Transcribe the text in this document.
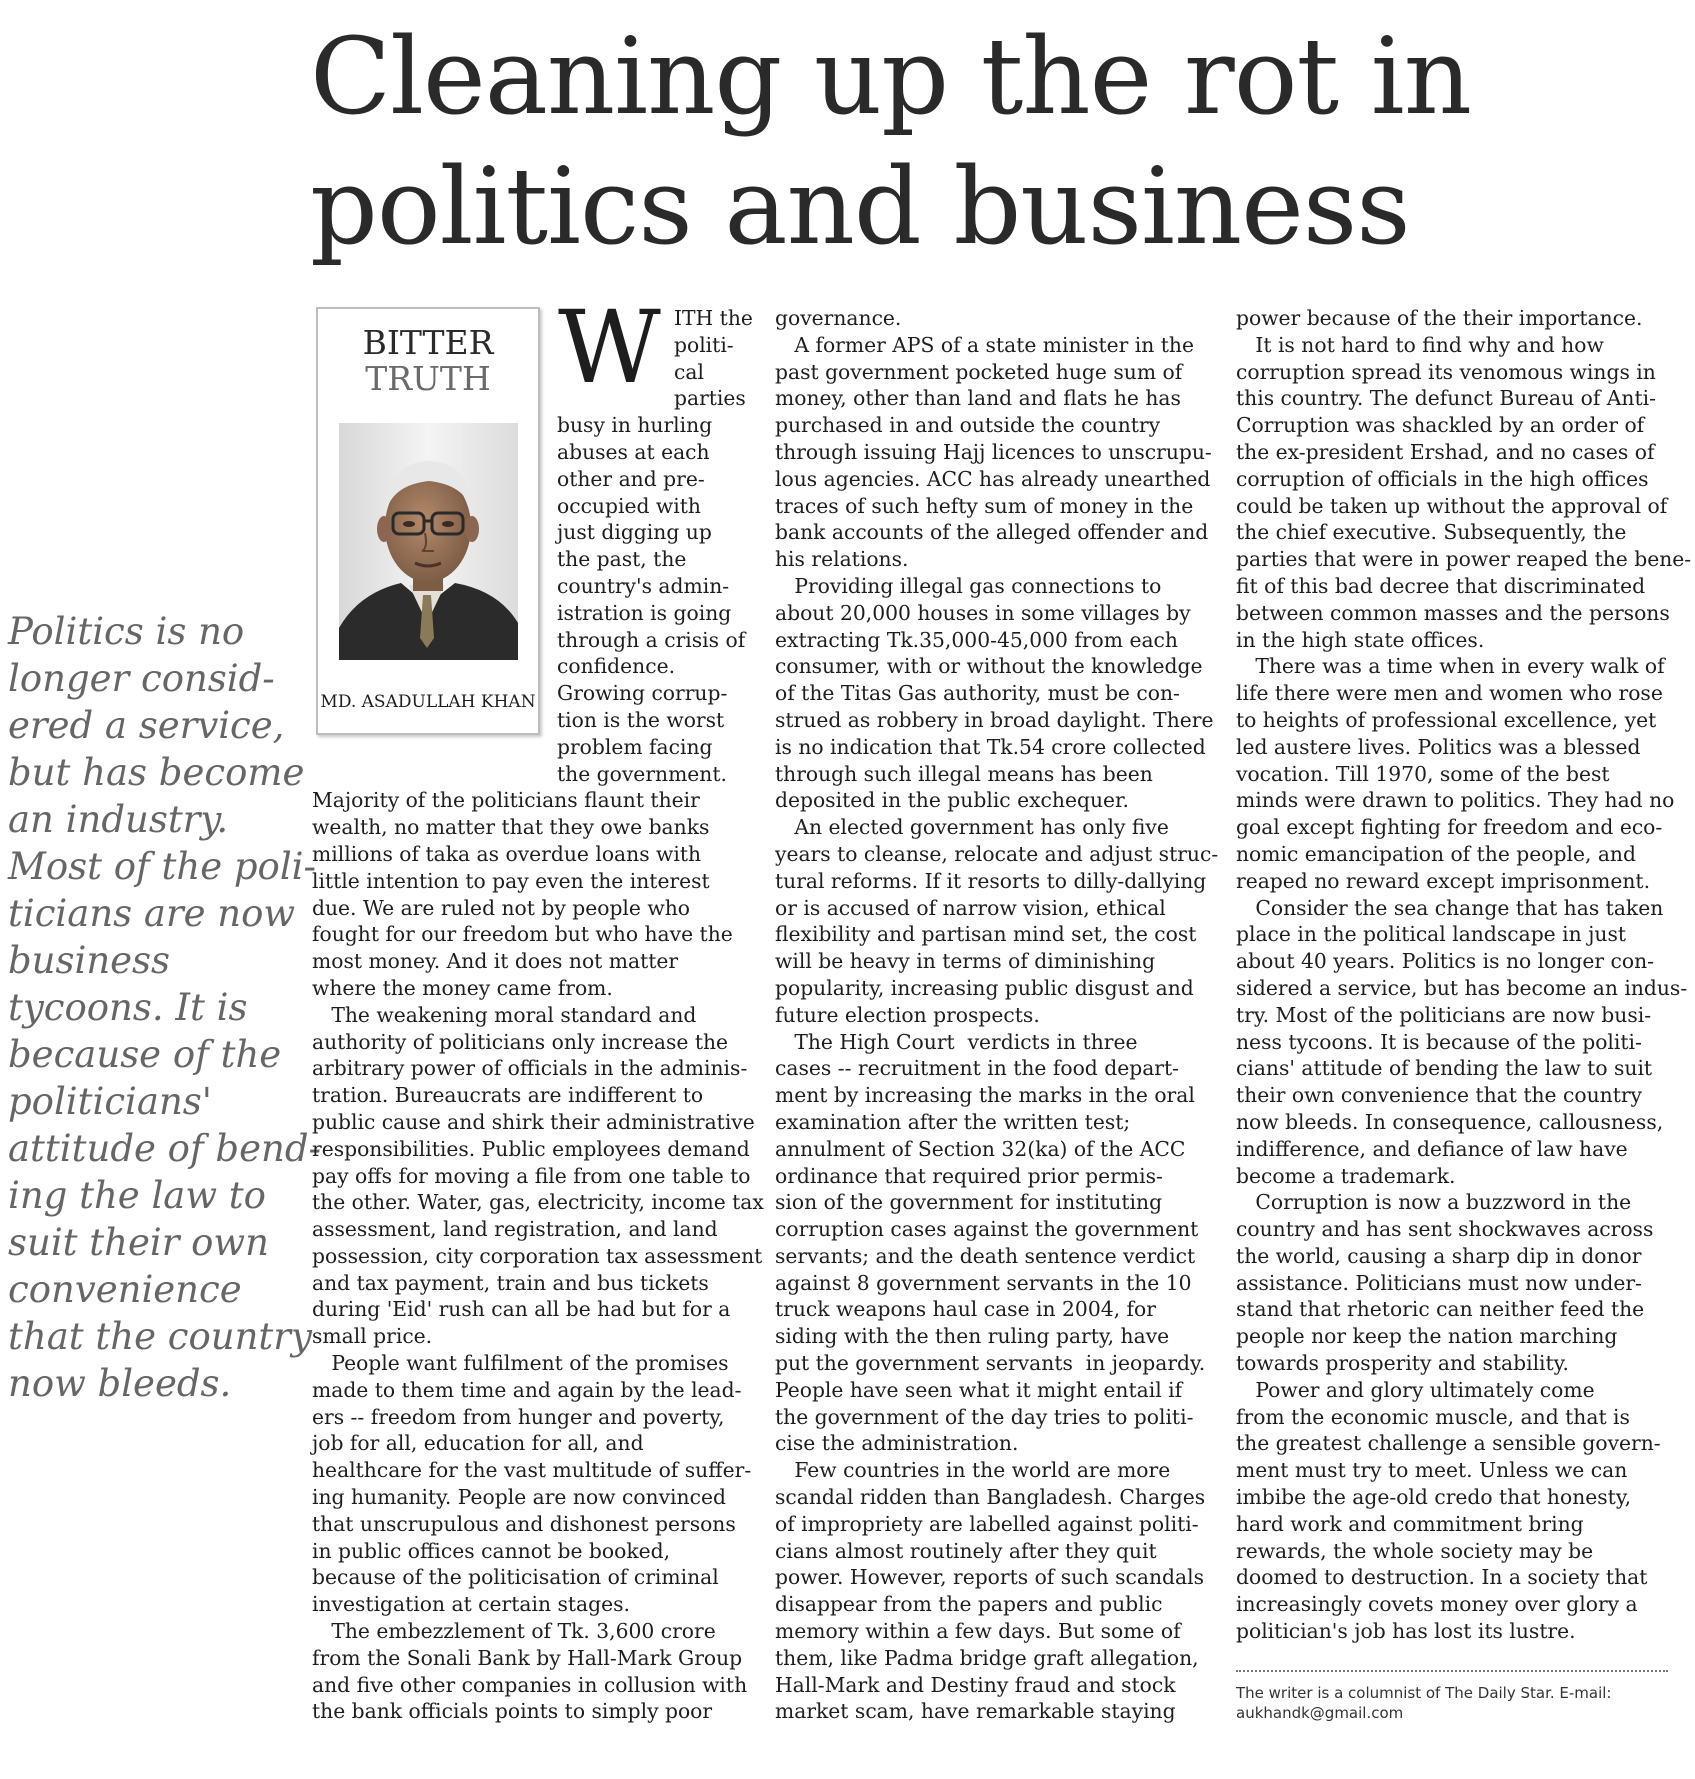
Cleaning up the rot in
politics and business
Politics is no
longer consid-
ered a service,
but has become
an industry.
Most of the poli-
ticians are now
business
tycoons. It is
because of the
politicians'
attitude of bend-
ing the law to
suit their own
convenience
that the country
now bleeds.
BITTER
TRUTH
MD. ASADULLAH KHAN
W ITH the
politi-
cal
parties
busy in hurling
abuses at each
other and pre-
occupied with
just digging up
the past, the
country's admin-
istration is going
through a crisis of
confidence.
Growing corrup-
tion is the worst
problem facing
the government.
Majority of the politicians flaunt their
wealth, no matter that they owe banks
millions of taka as overdue loans with
little intention to pay even the interest
due. We are ruled not by people who
fought for our freedom but who have the
most money. And it does not matter
where the money came from.
The weakening moral standard and
authority of politicians only increase the
arbitrary power of officials in the adminis-
tration. Bureaucrats are indifferent to
public cause and shirk their administrative
responsibilities. Public employees demand
pay offs for moving a file from one table to
the other. Water, gas, electricity, income tax
assessment, land registration, and land
possession, city corporation tax assessment
and tax payment, train and bus tickets
during 'Eid' rush can all be had but for a
small price.
People want fulfilment of the promises
made to them time and again by the lead-
ers -- freedom from hunger and poverty,
job for all, education for all, and
healthcare for the vast multitude of suffer-
ing humanity. People are now convinced
that unscrupulous and dishonest persons
in public offices cannot be booked,
because of the politicisation of criminal
investigation at certain stages.
The embezzlement of Tk. 3,600 crore
from the Sonali Bank by Hall-Mark Group
and five other companies in collusion with
the bank officials points to simply poor
governance.
A former APS of a state minister in the
past government pocketed huge sum of
money, other than land and flats he has
purchased in and outside the country
through issuing Hajj licences to unscrupu-
lous agencies. ACC has already unearthed
traces of such hefty sum of money in the
bank accounts of the alleged offender and
his relations.
Providing illegal gas connections to
about 20,000 houses in some villages by
extracting Tk.35,000-45,000 from each
consumer, with or without the knowledge
of the Titas Gas authority, must be con-
strued as robbery in broad daylight. There
is no indication that Tk.54 crore collected
through such illegal means has been
deposited in the public exchequer.
An elected government has only five
years to cleanse, relocate and adjust struc-
tural reforms. If it resorts to dilly-dallying
or is accused of narrow vision, ethical
flexibility and partisan mind set, the cost
will be heavy in terms of diminishing
popularity, increasing public disgust and
future election prospects.
The High Court  verdicts in three
cases -- recruitment in the food depart-
ment by increasing the marks in the oral
examination after the written test;
annulment of Section 32(ka) of the ACC
ordinance that required prior permis-
sion of the government for instituting
corruption cases against the government
servants; and the death sentence verdict
against 8 government servants in the 10
truck weapons haul case in 2004, for
siding with the then ruling party, have
put the government servants  in jeopardy.
People have seen what it might entail if
the government of the day tries to politi-
cise the administration.
Few countries in the world are more
scandal ridden than Bangladesh. Charges
of impropriety are labelled against politi-
cians almost routinely after they quit
power. However, reports of such scandals
disappear from the papers and public
memory within a few days. But some of
them, like Padma bridge graft allegation,
Hall-Mark and Destiny fraud and stock
market scam, have remarkable staying
power because of the their importance.
It is not hard to find why and how
corruption spread its venomous wings in
this country. The defunct Bureau of Anti-
Corruption was shackled by an order of
the ex-president Ershad, and no cases of
corruption of officials in the high offices
could be taken up without the approval of
the chief executive. Subsequently, the
parties that were in power reaped the bene-
fit of this bad decree that discriminated
between common masses and the persons
in the high state offices.
There was a time when in every walk of
life there were men and women who rose
to heights of professional excellence, yet
led austere lives. Politics was a blessed
vocation. Till 1970, some of the best
minds were drawn to politics. They had no
goal except fighting for freedom and eco-
nomic emancipation of the people, and
reaped no reward except imprisonment.
Consider the sea change that has taken
place in the political landscape in just
about 40 years. Politics is no longer con-
sidered a service, but has become an indus-
try. Most of the politicians are now busi-
ness tycoons. It is because of the politi-
cians' attitude of bending the law to suit
their own convenience that the country
now bleeds. In consequence, callousness,
indifference, and defiance of law have
become a trademark.
Corruption is now a buzzword in the
country and has sent shockwaves across
the world, causing a sharp dip in donor
assistance. Politicians must now under-
stand that rhetoric can neither feed the
people nor keep the nation marching
towards prosperity and stability.
Power and glory ultimately come
from the economic muscle, and that is
the greatest challenge a sensible govern-
ment must try to meet. Unless we can
imbibe the age-old credo that honesty,
hard work and commitment bring
rewards, the whole society may be
doomed to destruction. In a society that
increasingly covets money over glory a
politician's job has lost its lustre.
The writer is a columnist of The Daily Star. E-mail:
aukhandk@gmail.com
